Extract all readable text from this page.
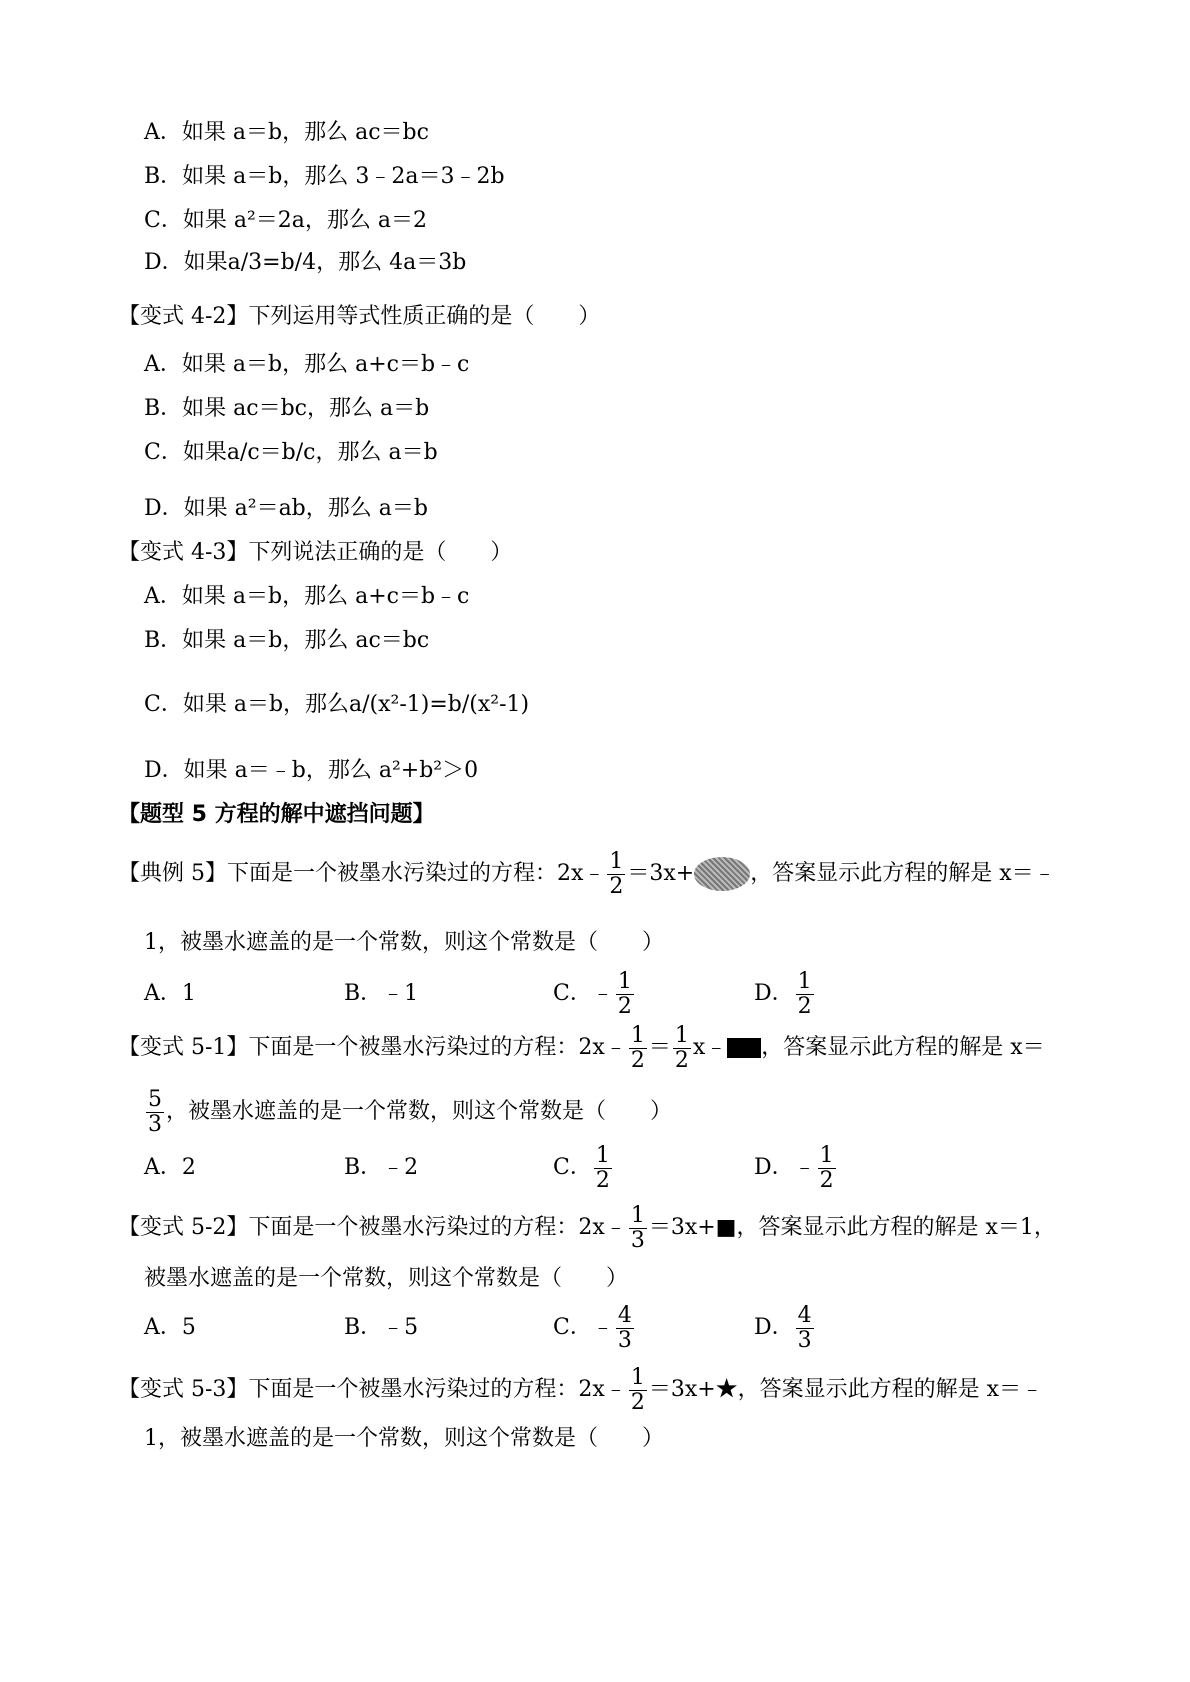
A．如果 a＝b，那么 ac＝bc
B．如果 a＝b，那么 3﹣2a＝3﹣2b
C．如果 a²＝2a，那么 a＝2
D．如果a/3=b/4，那么 4a＝3b
【变式 4-2】下列运用等式性质正确的是（　　）
A．如果 a＝b，那么 a+c＝b﹣c
B．如果 ac＝bc，那么 a＝b
C．如果a/c＝b/c，那么 a＝b
D．如果 a²＝ab，那么 a＝b
【变式 4-3】下列说法正确的是（　　）
A．如果 a＝b，那么 a+c＝b﹣c
B．如果 a＝b，那么 ac＝bc
C．如果 a＝b，那么a/(x²-1)=b/(x²-1)
D．如果 a＝﹣b，那么 a²+b²＞0
【题型 5 方程的解中遮挡问题】
【典例 5】下面是一个被墨水污染过的方程：2x﹣ $\frac{1}{2} =3x+$	，答案显示此方程的解是 x＝﹣
1，被墨水遮盖的是一个常数，则这个常数是（　　）
A．1	B．﹣1	C．﹣ $\frac{1}{2}$	D． $\frac{1}{2}$
【变式 5-1】下面是一个被墨水污染过的方程：2x﹣ $\frac{1}{2} = \frac{1}{2}$ x﹣ ，答案显示此方程的解是 x＝
$\frac{5}{3}$ ，被墨水遮盖的是一个常数，则这个常数是（　　）
A．2	B．﹣2	C． $\frac{1}{2}$	D．﹣ $\frac{1}{2}$
【变式 5-2】下面是一个被墨水污染过的方程：2x﹣ $\frac{1}{3}$ ＝3x+■，答案显示此方程的解是 x＝1，
被墨水遮盖的是一个常数，则这个常数是（　　）
A．5	B．﹣5	C．﹣ $\frac{4}{3}$	D． $\frac{4}{3}$
【变式 5-3】下面是一个被墨水污染过的方程：2x﹣ $\frac{1}{2}$ ＝3x+★，答案显示此方程的解是 x＝﹣
1，被墨水遮盖的是一个常数，则这个常数是（　　）
